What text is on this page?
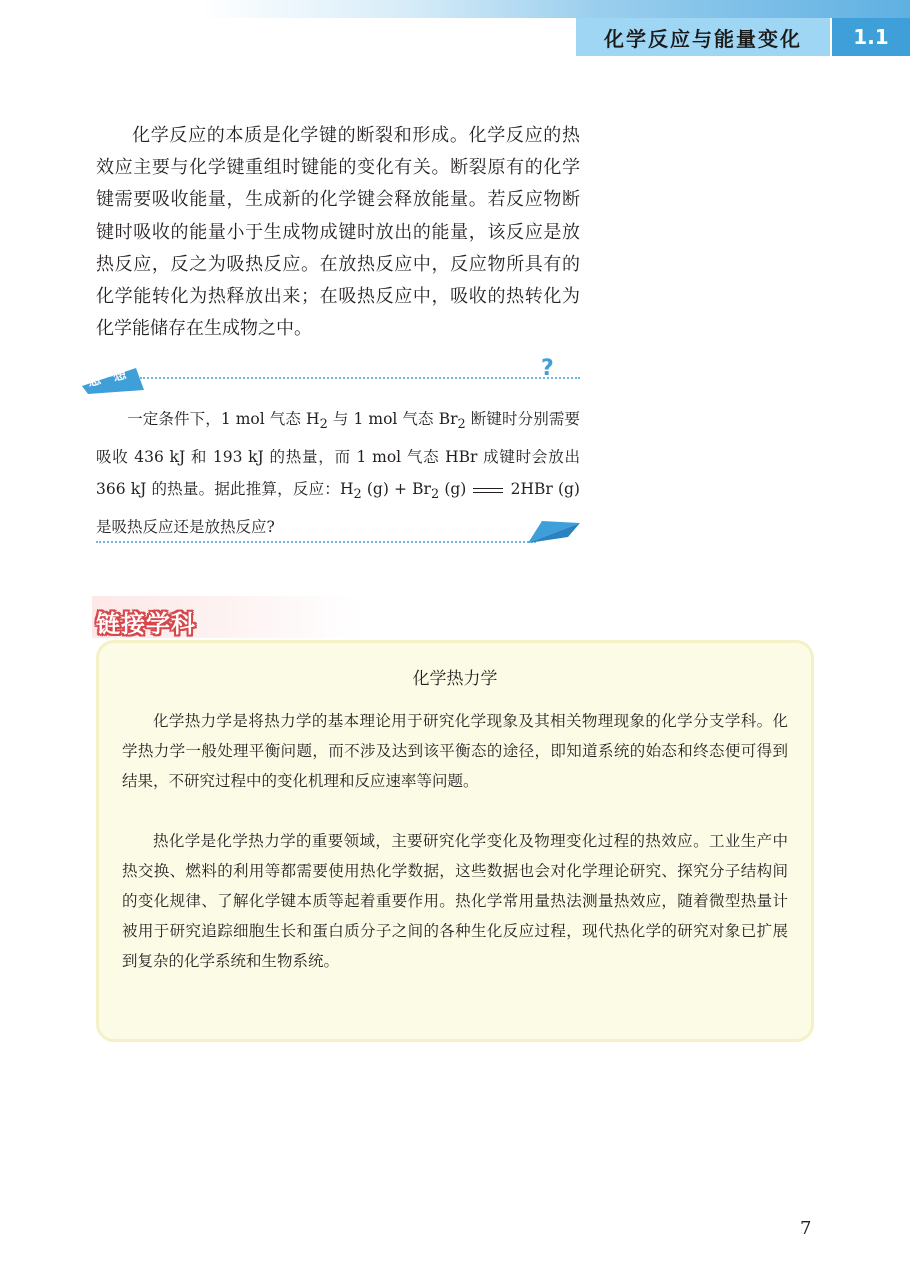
化学反应与能量变化	1.1

化学反应的本质是化学键的断裂和形成。化学反应的热效应主要与化学键重组时键能的变化有关。断裂原有的化学键需要吸收能量，生成新的化学键会释放能量。若反应物断键时吸收的能量小于生成物成键时放出的能量，该反应是放热反应，反之为吸热反应。在放热反应中，反应物所具有的化学能转化为热释放出来；在吸热反应中，吸收的热转化为化学能储存在生成物之中。

想一想	?

一定条件下，1 mol 气态 $H_2$ 与 1 mol 气态 $Br_2$ 断键时分别需要吸收 436 kJ 和 193 kJ 的热量，而 1 mol 气态 HBr 成键时会放出 366 kJ 的热量。据此推算，反应：$H_2$ $(g) + Br_2$ (g)	2HBr (g) 是吸热反应还是放热反应?

链接学科

化学热力学

化学热力学是将热力学的基本理论用于研究化学现象及其相关物理现象的化学分支学科。化学热力学一般处理平衡问题，而不涉及达到该平衡态的途径，即知道系统的始态和终态便可得到结果，不研究过程中的变化机理和反应速率等问题。

热化学是化学热力学的重要领域，主要研究化学变化及物理变化过程的热效应。工业生产中热交换、燃料的利用等都需要使用热化学数据，这些数据也会对化学理论研究、探究分子结构间的变化规律、了解化学键本质等起着重要作用。热化学常用量热法测量热效应，随着微型热量计被用于研究追踪细胞生长和蛋白质分子之间的各种生化反应过程，现代热化学的研究对象已扩展到复杂的化学系统和生物系统。

7
